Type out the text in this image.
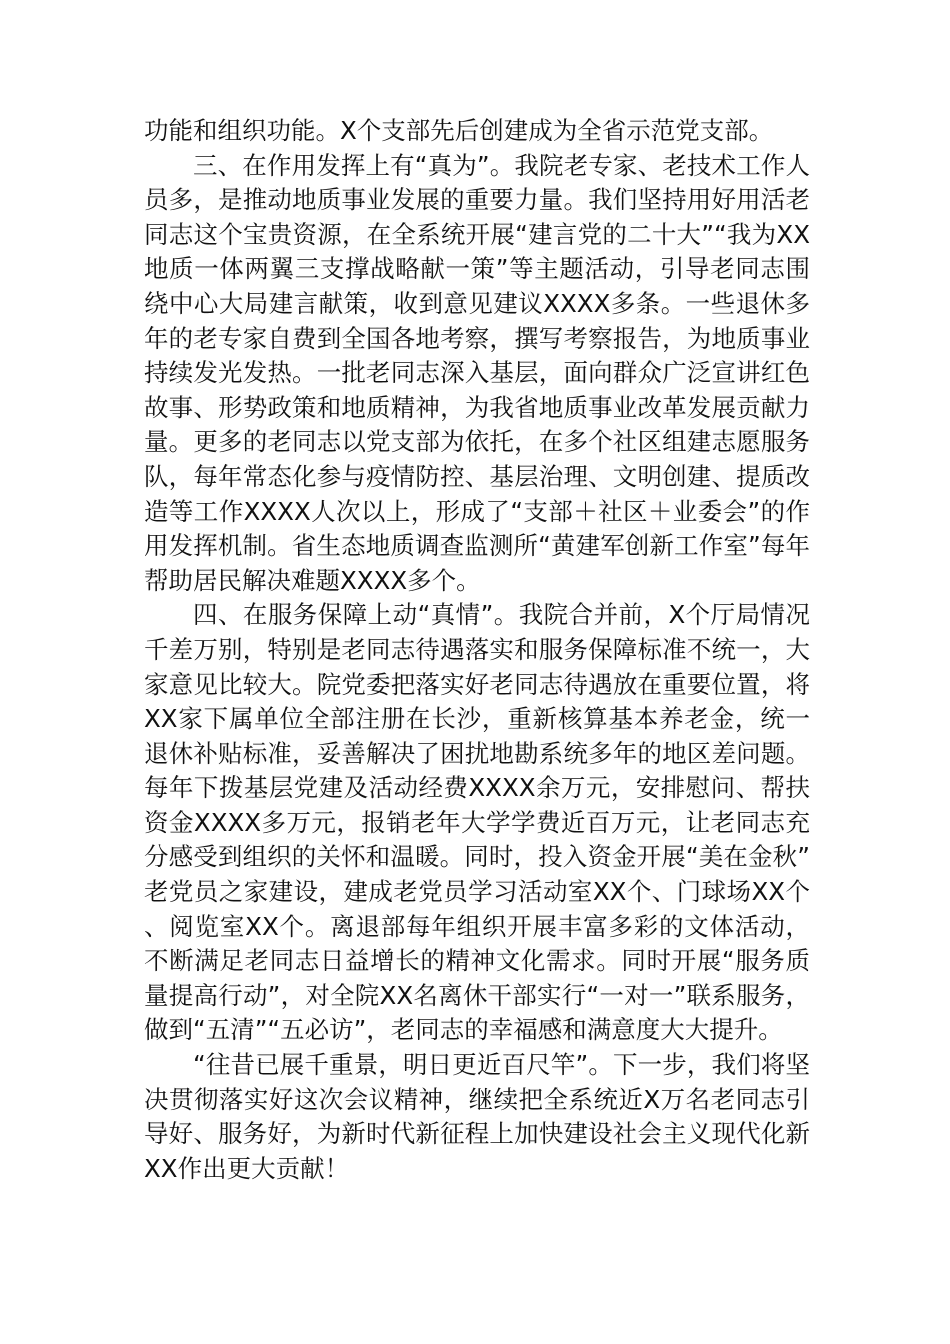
功能和组织功能。X个支部先后创建成为全省示范党支部。

三、在作用发挥上有“真为”。我院老专家、老技术工作人员多，是推动地质事业发展的重要力量。我们坚持用好用活老同志这个宝贵资源，在全系统开展“建言党的二十大”“我为XX地质一体两翼三支撑战略献一策”等主题活动，引导老同志围绕中心大局建言献策，收到意见建议XXXX多条。一些退休多年的老专家自费到全国各地考察，撰写考察报告，为地质事业持续发光发热。一批老同志深入基层，面向群众广泛宣讲红色故事、形势政策和地质精神，为我省地质事业改革发展贡献力量。更多的老同志以党支部为依托，在多个社区组建志愿服务队，每年常态化参与疫情防控、基层治理、文明创建、提质改造等工作XXXX人次以上，形成了“支部＋社区＋业委会”的作用发挥机制。省生态地质调查监测所“黄建军创新工作室”每年帮助居民解决难题XXXX多个。

四、在服务保障上动“真情”。我院合并前，X个厅局情况千差万别，特别是老同志待遇落实和服务保障标准不统一，大家意见比较大。院党委把落实好老同志待遇放在重要位置，将XX家下属单位全部注册在长沙，重新核算基本养老金，统一退休补贴标准，妥善解决了困扰地勘系统多年的地区差问题。每年下拨基层党建及活动经费XXXX余万元，安排慰问、帮扶资金XXXX多万元，报销老年大学学费近百万元，让老同志充分感受到组织的关怀和温暖。同时，投入资金开展“美在金秋”老党员之家建设，建成老党员学习活动室XX个、门球场XX个、阅览室XX个。离退部每年组织开展丰富多彩的文体活动，不断满足老同志日益增长的精神文化需求。同时开展“服务质量提高行动”，对全院XX名离休干部实行“一对一”联系服务，做到“五清”“五必访”，老同志的幸福感和满意度大大提升。

“往昔已展千重景，明日更近百尺竿”。下一步，我们将坚决贯彻落实好这次会议精神，继续把全系统近X万名老同志引导好、服务好，为新时代新征程上加快建设社会主义现代化新XX作出更大贡献！
